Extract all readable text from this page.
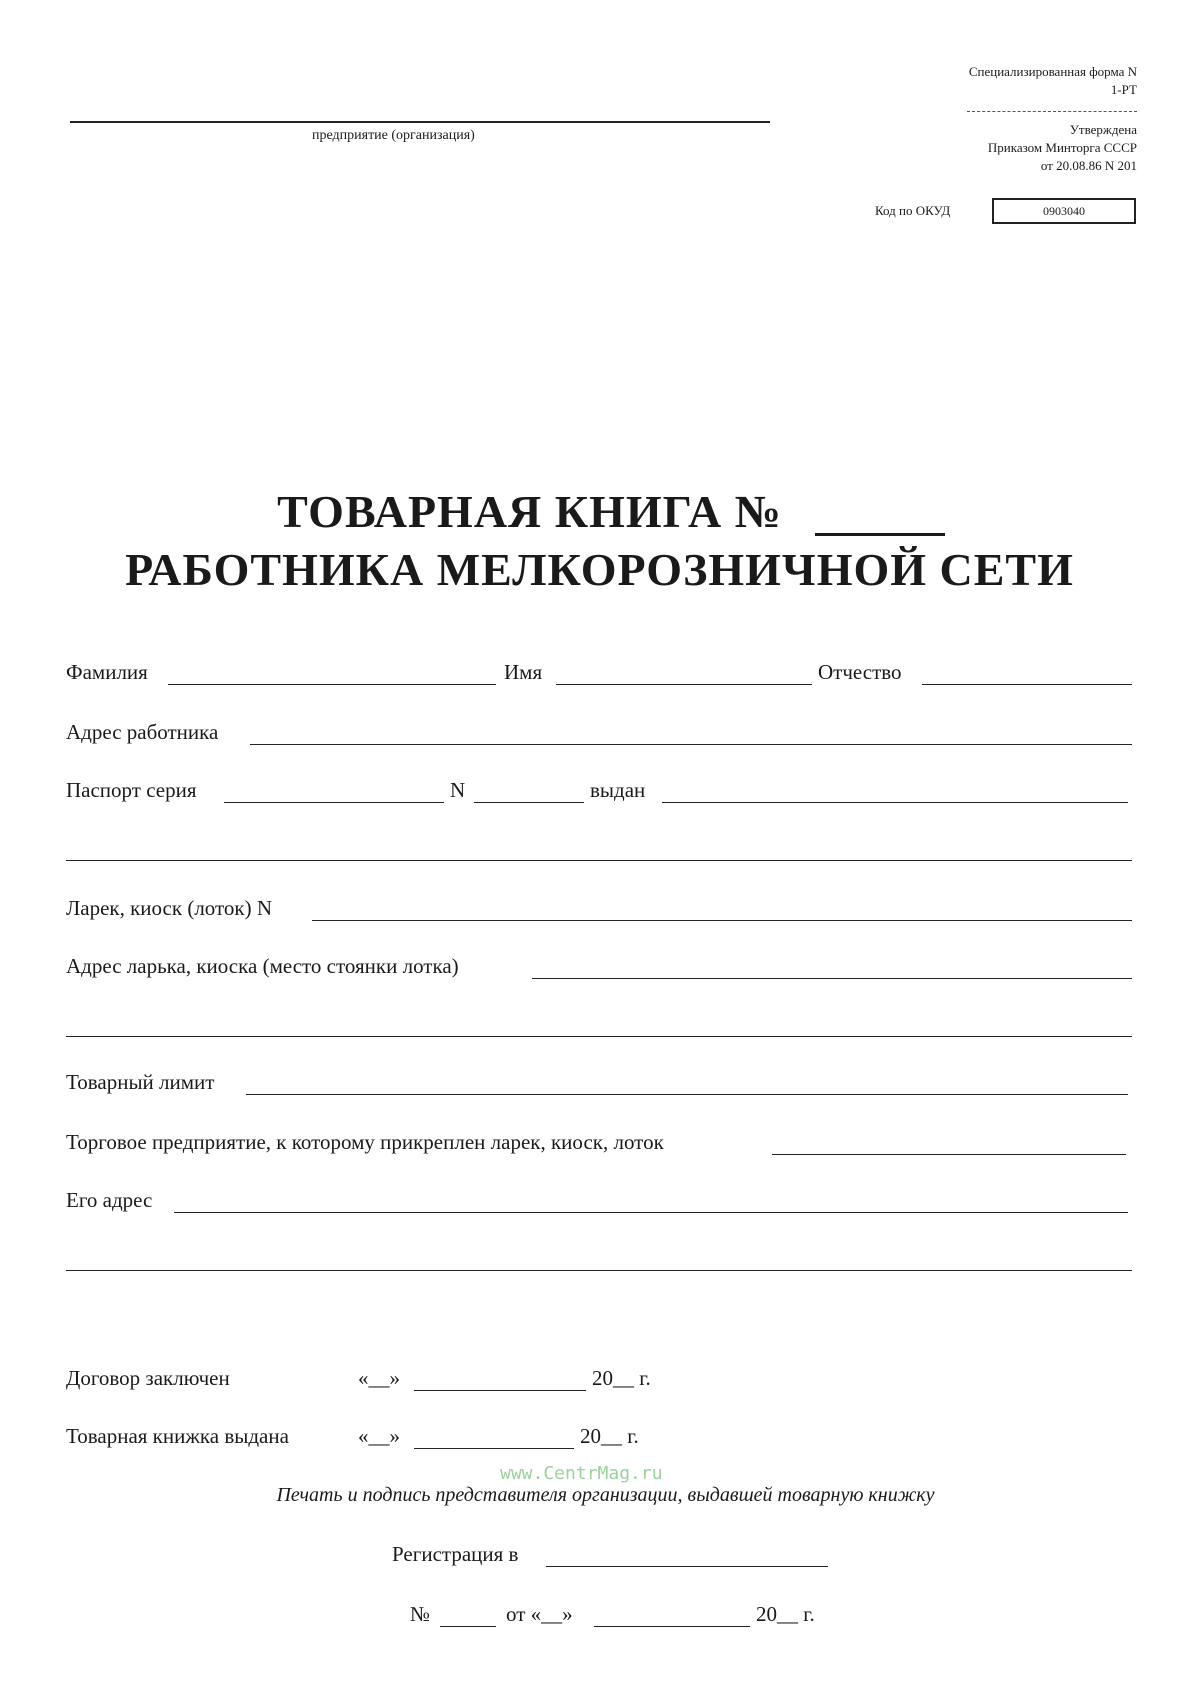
предприятие (организация)
Специализированная форма N
1-РТ
Утверждена
Приказом Минторга СССР
от 20.08.86 N 201
Код по ОКУД	0903040
ТОВАРНАЯ КНИГА №
РАБОТНИКА МЕЛКОРОЗНИЧНОЙ СЕТИ
Фамилия	Имя	Отчество
Адрес работника
Паспорт серия	N	выдан
Ларек, киоск (лоток) N
Адрес ларька, киоска (место стоянки лотка)
Товарный лимит
Торговое предприятие, к которому прикреплен ларек, киоск, лоток
Его адрес
Договор заключен	«__»	20__ г.
Товарная книжка выдана	«__»	20__ г.
www.CentrMag.ru
Печать и подпись представителя организации, выдавшей товарную книжку
Регистрация в
№	от «__»	20__ г.
